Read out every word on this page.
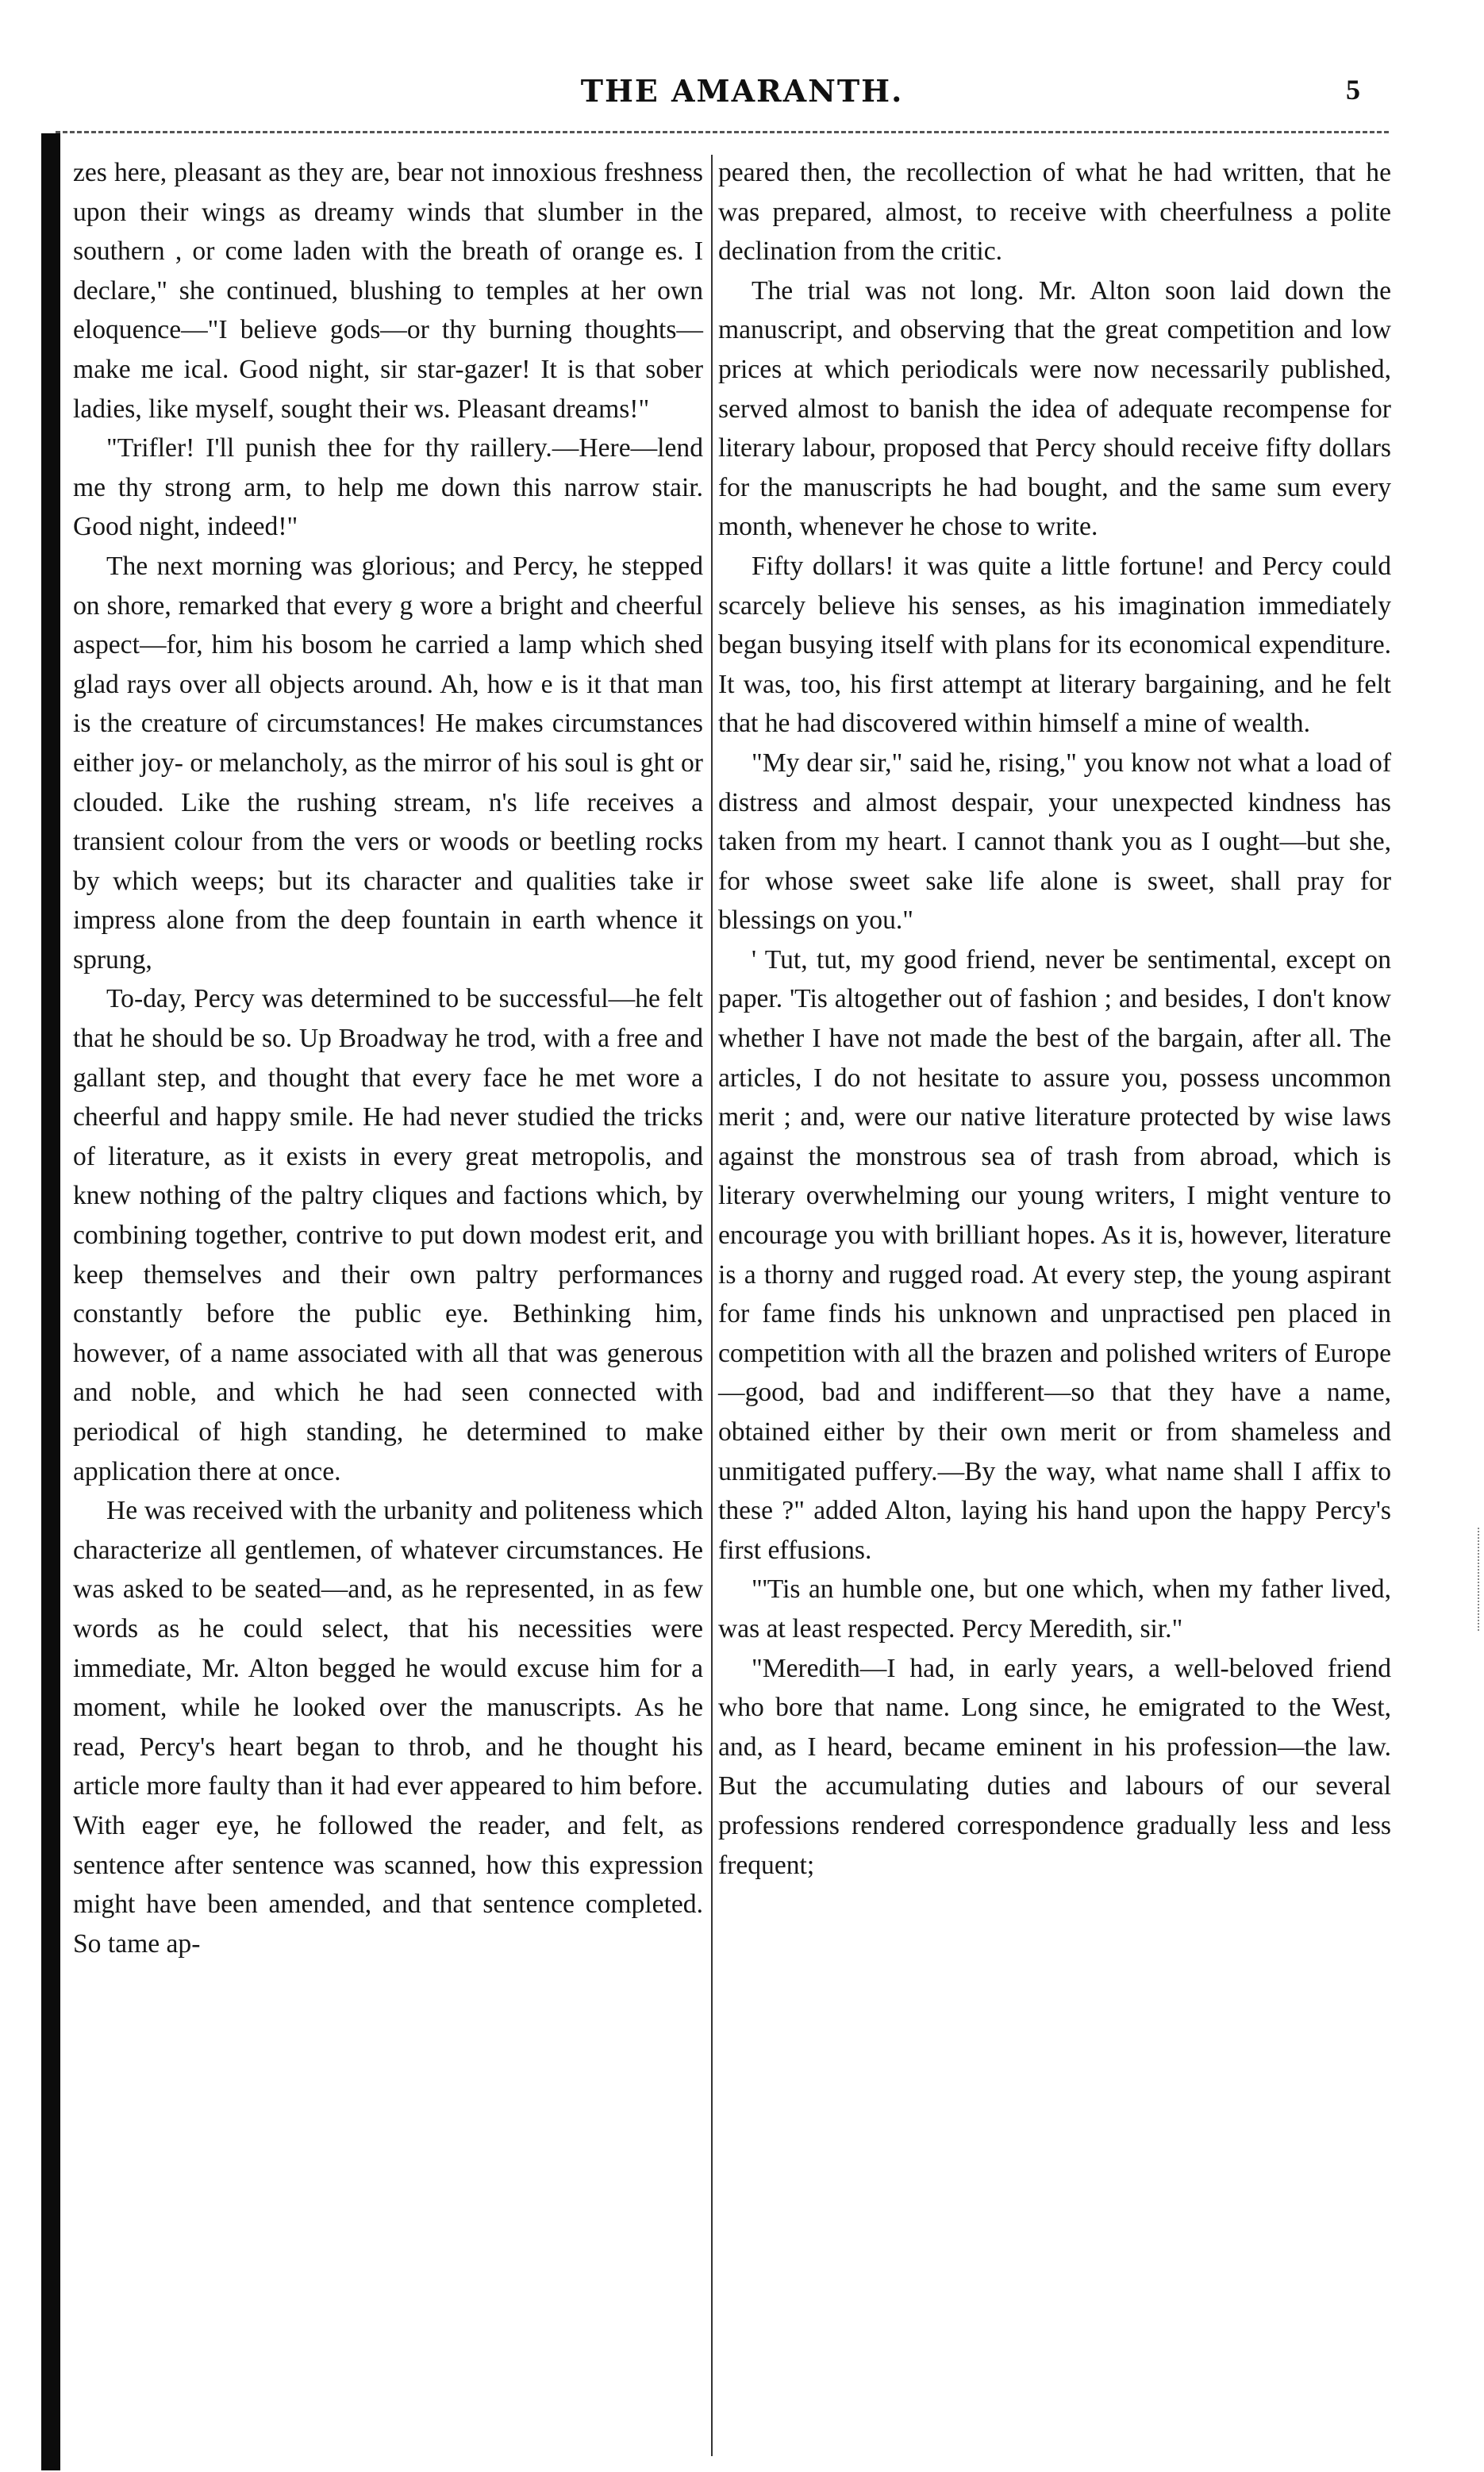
THE AMARANTH.	5

zes here, pleasant as they are, bear not innoxious freshness upon their wings as dreamy winds that slumber in the southern , or come laden with the breath of orange es. I declare," she continued, blushing to temples at her own eloquence—"I believe gods—or thy burning thoughts—make me ical. Good night, sir star-gazer! It is that sober ladies, like myself, sought their ws. Pleasant dreams!"

"Trifler! I'll punish thee for thy raillery.—Here—lend me thy strong arm, to help me down this narrow stair. Good night, indeed!"

The next morning was glorious; and Percy, he stepped on shore, remarked that every g wore a bright and cheerful aspect—for, him his bosom he carried a lamp which shed glad rays over all objects around. Ah, how e is it that man is the creature of circumstances! He makes circumstances either joy- or melancholy, as the mirror of his soul is ght or clouded. Like the rushing stream, n's life receives a transient colour from the vers or woods or beetling rocks by which weeps; but its character and qualities take ir impress alone from the deep fountain in earth whence it sprung,

To-day, Percy was determined to be successful—he felt that he should be so. Up Broadway he trod, with a free and gallant step, and thought that every face he met wore a cheerful and happy smile. He had never studied the tricks of literature, as it exists in every great metropolis, and knew nothing of the paltry cliques and factions which, by combining together, contrive to put down modest erit, and keep themselves and their own paltry performances constantly before the public eye. Bethinking him, however, of a name associated with all that was generous and noble, and which he had seen connected with periodical of high standing, he determined to make application there at once.

He was received with the urbanity and politeness which characterize all gentlemen, of whatever circumstances. He was asked to be seated—and, as he represented, in as few words as he could select, that his necessities were immediate, Mr. Alton begged he would excuse him for a moment, while he looked over the manuscripts. As he read, Percy's heart began to throb, and he thought his article more faulty than it had ever appeared to him before. With eager eye, he followed the reader, and felt, as sentence after sentence was scanned, how this expression might have been amended, and that sentence completed. So tame ap-

peared then, the recollection of what he had written, that he was prepared, almost, to receive with cheerfulness a polite declination from the critic.

The trial was not long. Mr. Alton soon laid down the manuscript, and observing that the great competition and low prices at which periodicals were now necessarily published, served almost to banish the idea of adequate recompense for literary labour, proposed that Percy should receive fifty dollars for the manuscripts he had bought, and the same sum every month, whenever he chose to write.

Fifty dollars! it was quite a little fortune! and Percy could scarcely believe his senses, as his imagination immediately began busying itself with plans for its economical expenditure. It was, too, his first attempt at literary bargaining, and he felt that he had discovered within himself a mine of wealth.

"My dear sir," said he, rising," you know not what a load of distress and almost despair, your unexpected kindness has taken from my heart. I cannot thank you as I ought—but she, for whose sweet sake life alone is sweet, shall pray for blessings on you."

' Tut, tut, my good friend, never be sentimental, except on paper. 'Tis altogether out of fashion ; and besides, I don't know whether I have not made the best of the bargain, after all. The articles, I do not hesitate to assure you, possess uncommon merit ; and, were our native literature protected by wise laws against the monstrous sea of trash from abroad, which is literary overwhelming our young writers, I might venture to encourage you with brilliant hopes. As it is, however, literature is a thorny and rugged road. At every step, the young aspirant for fame finds his unknown and unpractised pen placed in competition with all the brazen and polished writers of Europe—good, bad and indifferent—so that they have a name, obtained either by their own merit or from shameless and unmitigated puffery.—By the way, what name shall I affix to these ?" added Alton, laying his hand upon the happy Percy's first effusions.

"'Tis an humble one, but one which, when my father lived, was at least respected. Percy Meredith, sir."

"Meredith—I had, in early years, a well-beloved friend who bore that name. Long since, he emigrated to the West, and, as I heard, became eminent in his profession—the law. But the accumulating duties and labours of our several professions rendered correspondence gradually less and less frequent;
